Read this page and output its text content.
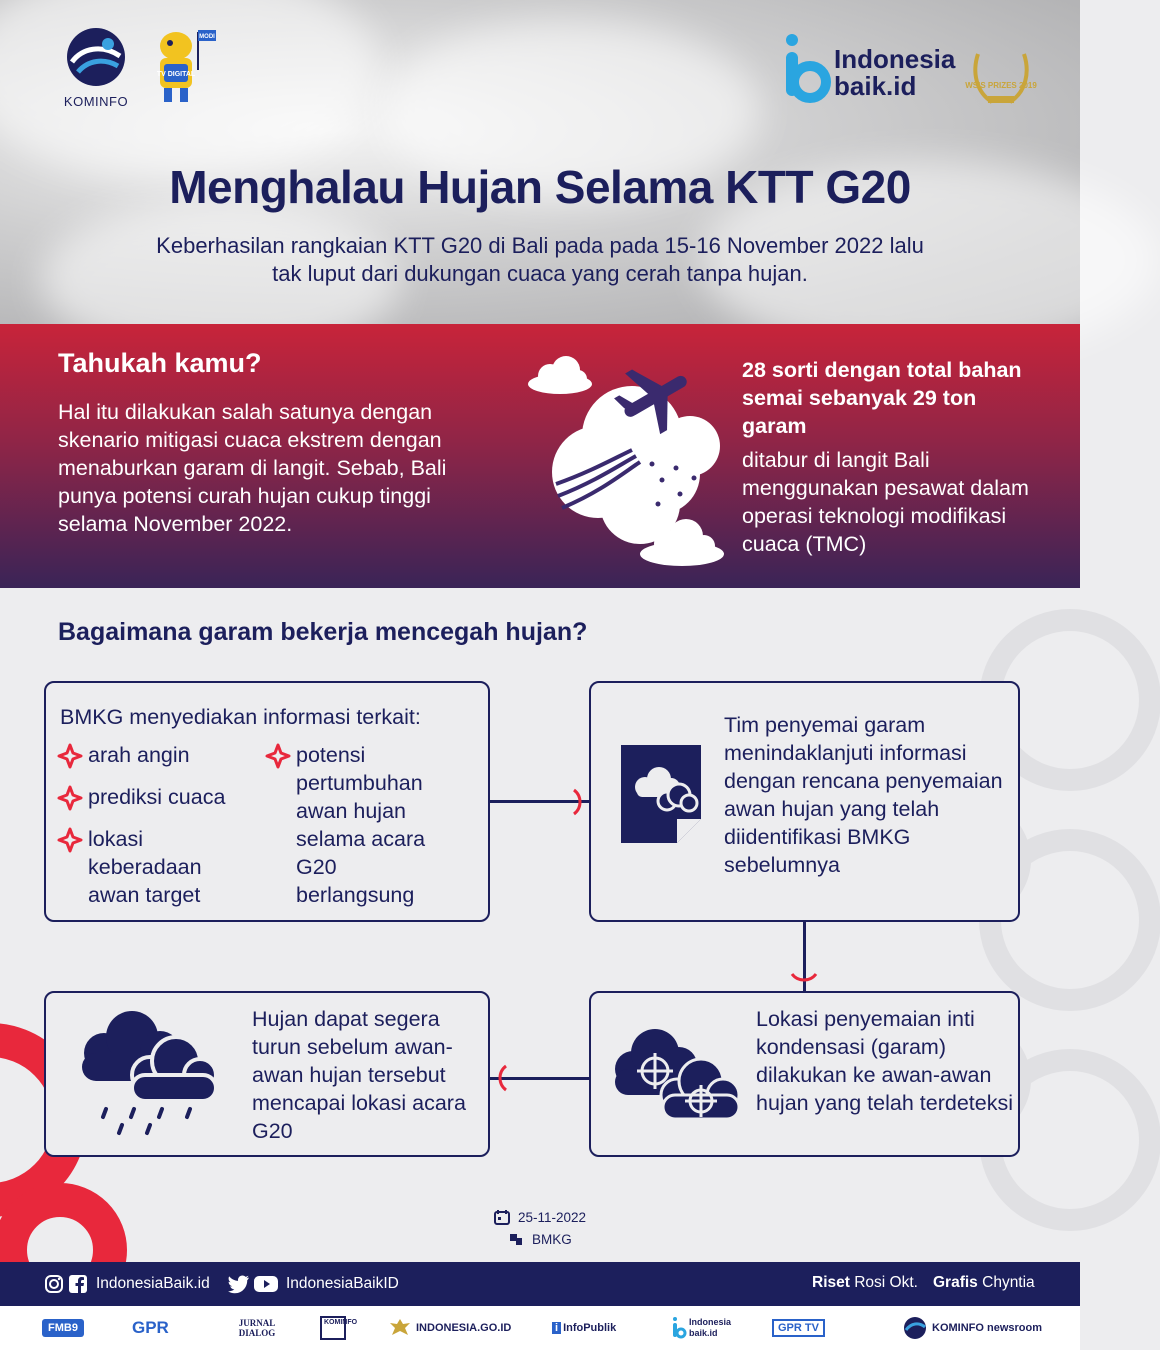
KOMINFO
TV DIGITAL
MODI
Indonesia
baik.id	WSIS PRIZES 2019
Menghalau Hujan Selama KTT G20
Keberhasilan rangkaian KTT G20 di Bali pada pada 15-16 November 2022 lalu tak luput dari dukungan cuaca yang cerah tanpa hujan.
Tahukah kamu?
Hal itu dilakukan salah satunya dengan skenario mitigasi cuaca ekstrem dengan menaburkan garam di langit. Sebab, Bali punya potensi curah hujan cukup tinggi selama November 2022.
28 sorti dengan total bahan semai sebanyak 29 ton garam
ditabur di langit Bali menggunakan pesawat dalam operasi teknologi modifikasi cuaca (TMC)
Bagaimana garam bekerja mencegah hujan?
BMKG menyediakan informasi terkait:
arah angin
prediksi cuaca
lokasi keberadaan awan target
potensi pertumbuhan awan hujan selama acara G20 berlangsung
Tim penyemai garam menindaklanjuti informasi dengan rencana penyemaian awan hujan yang telah diidentifikasi BMKG sebelumnya
Lokasi penyemaian inti kondensasi (garam) dilakukan ke awan-awan hujan yang telah terdeteksi
Hujan dapat segera turun sebelum awan-awan hujan tersebut mencapai lokasi acara G20
25-11-2022
BMKG
IndonesiaBaik.id	IndonesiaBaikID	Riset
Rosi Okt. Grafis
Chyntia
FMB9	GPR	JURNAL DIALOG
KOMINFO	INDONESIA.GO.ID	i InfoPublik	Indonesia baik.id	GPR TV	KOMINFO newsroom
